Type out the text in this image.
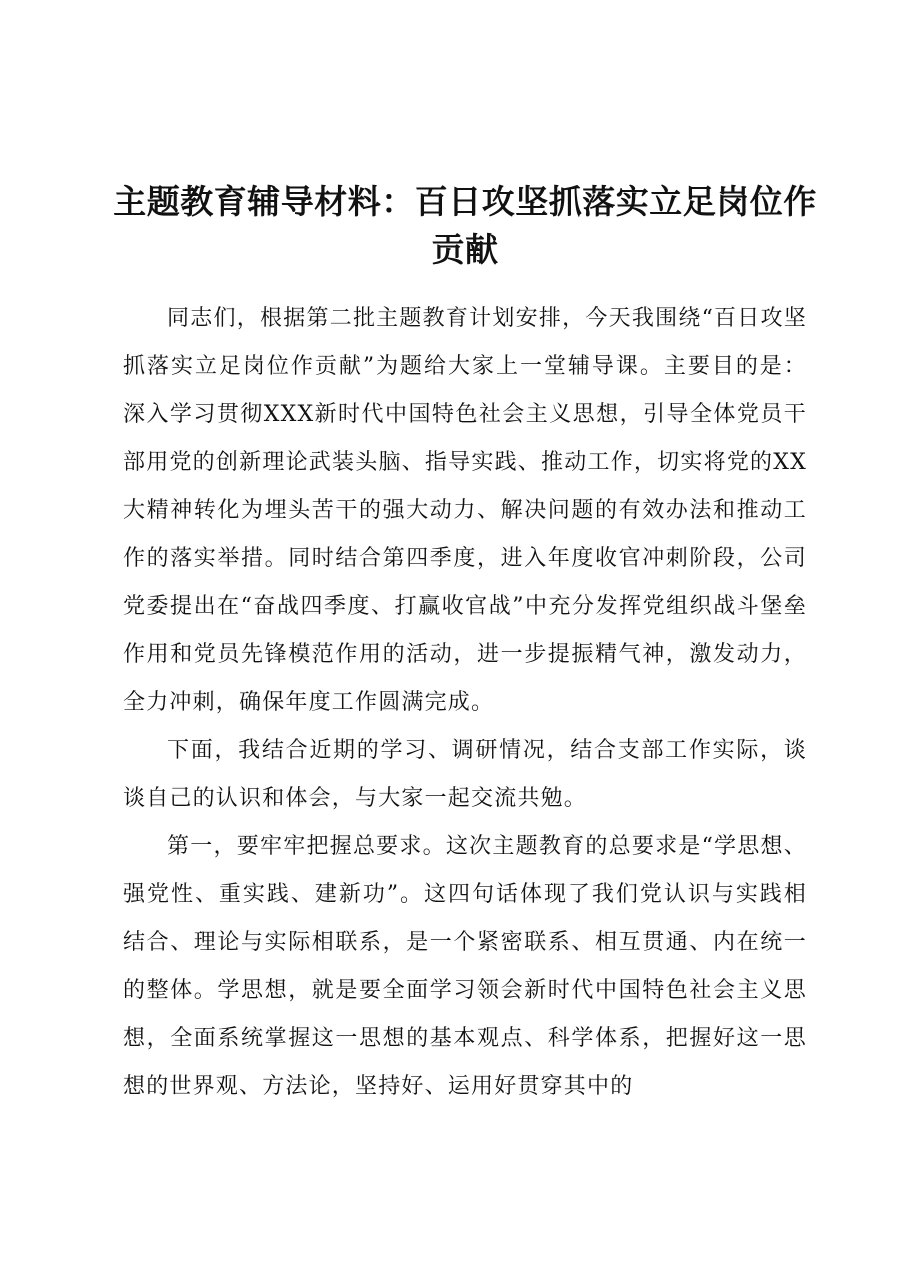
主题教育辅导材料：百日攻坚抓落实立足岗位作贡献

同志们，根据第二批主题教育计划安排，今天我围绕“百日攻坚抓落实立足岗位作贡献”为题给大家上一堂辅导课。主要目的是：深入学习贯彻XXX新时代中国特色社会主义思想，引导全体党员干部用党的创新理论武装头脑、指导实践、推动工作，切实将党的XX大精神转化为埋头苦干的强大动力、解决问题的有效办法和推动工作的落实举措。同时结合第四季度，进入年度收官冲刺阶段，公司党委提出在“奋战四季度、打赢收官战”中充分发挥党组织战斗堡垒作用和党员先锋模范作用的活动，进一步提振精气神，激发动力，全力冲刺，确保年度工作圆满完成。

下面，我结合近期的学习、调研情况，结合支部工作实际，谈谈自己的认识和体会，与大家一起交流共勉。

第一，要牢牢把握总要求。这次主题教育的总要求是“学思想、强党性、重实践、建新功”。这四句话体现了我们党认识与实践相结合、理论与实际相联系，是一个紧密联系、相互贯通、内在统一的整体。学思想，就是要全面学习领会新时代中国特色社会主义思想，全面系统掌握这一思想的基本观点、科学体系，把握好这一思想的世界观、方法论，坚持好、运用好贯穿其中的
